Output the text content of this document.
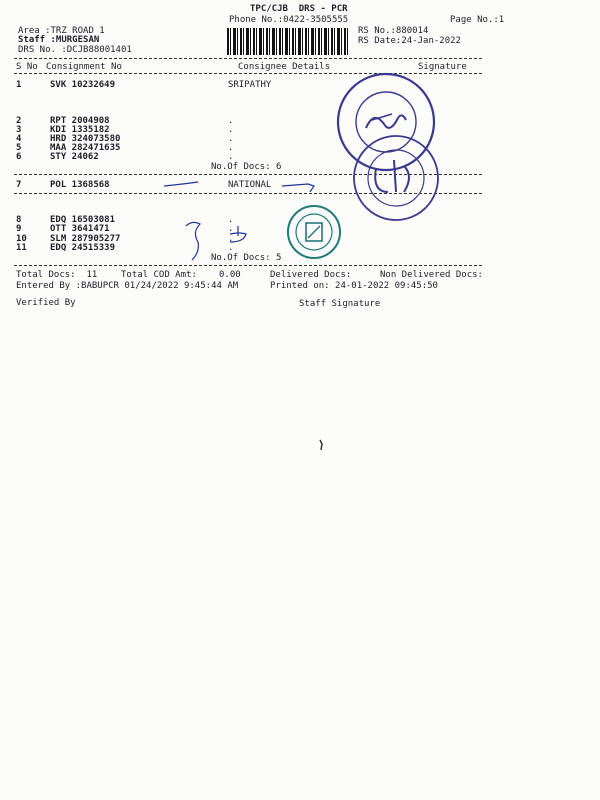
TPC/CJB  DRS - PCR
Phone No.:0422-3505555	Page No.:1
Area :TRZ ROAD 1
Staff :MURGESAN
DRS No. :DCJB88001401
RS No.:880014
RS Date:24-Jan-2022
S No Consignment No	Consignee Details	Signature
1	SVK 10232649	SRIPATHY
2	RPT 2004908	.
3	KDI 1335182	.
4	HRD 324073580	.
5	MAA 282471635	.
6	STY 24062	.
No.Of Docs: 6
7	POL 1368568	NATIONAL
8	EDQ 16503081	.
9	OTT 3641471	.
10	SLM 287905277	.
11	EDQ 24515339	.
No.Of Docs: 5
Total Docs:  11	Total COD Amt: 0.00	Delivered Docs:	Non Delivered Docs:
Entered By :BABUPCR 01/24/2022 9:45:44 AM	Printed on: 24-01-2022 09:45:50
Verified By	Staff Signature
